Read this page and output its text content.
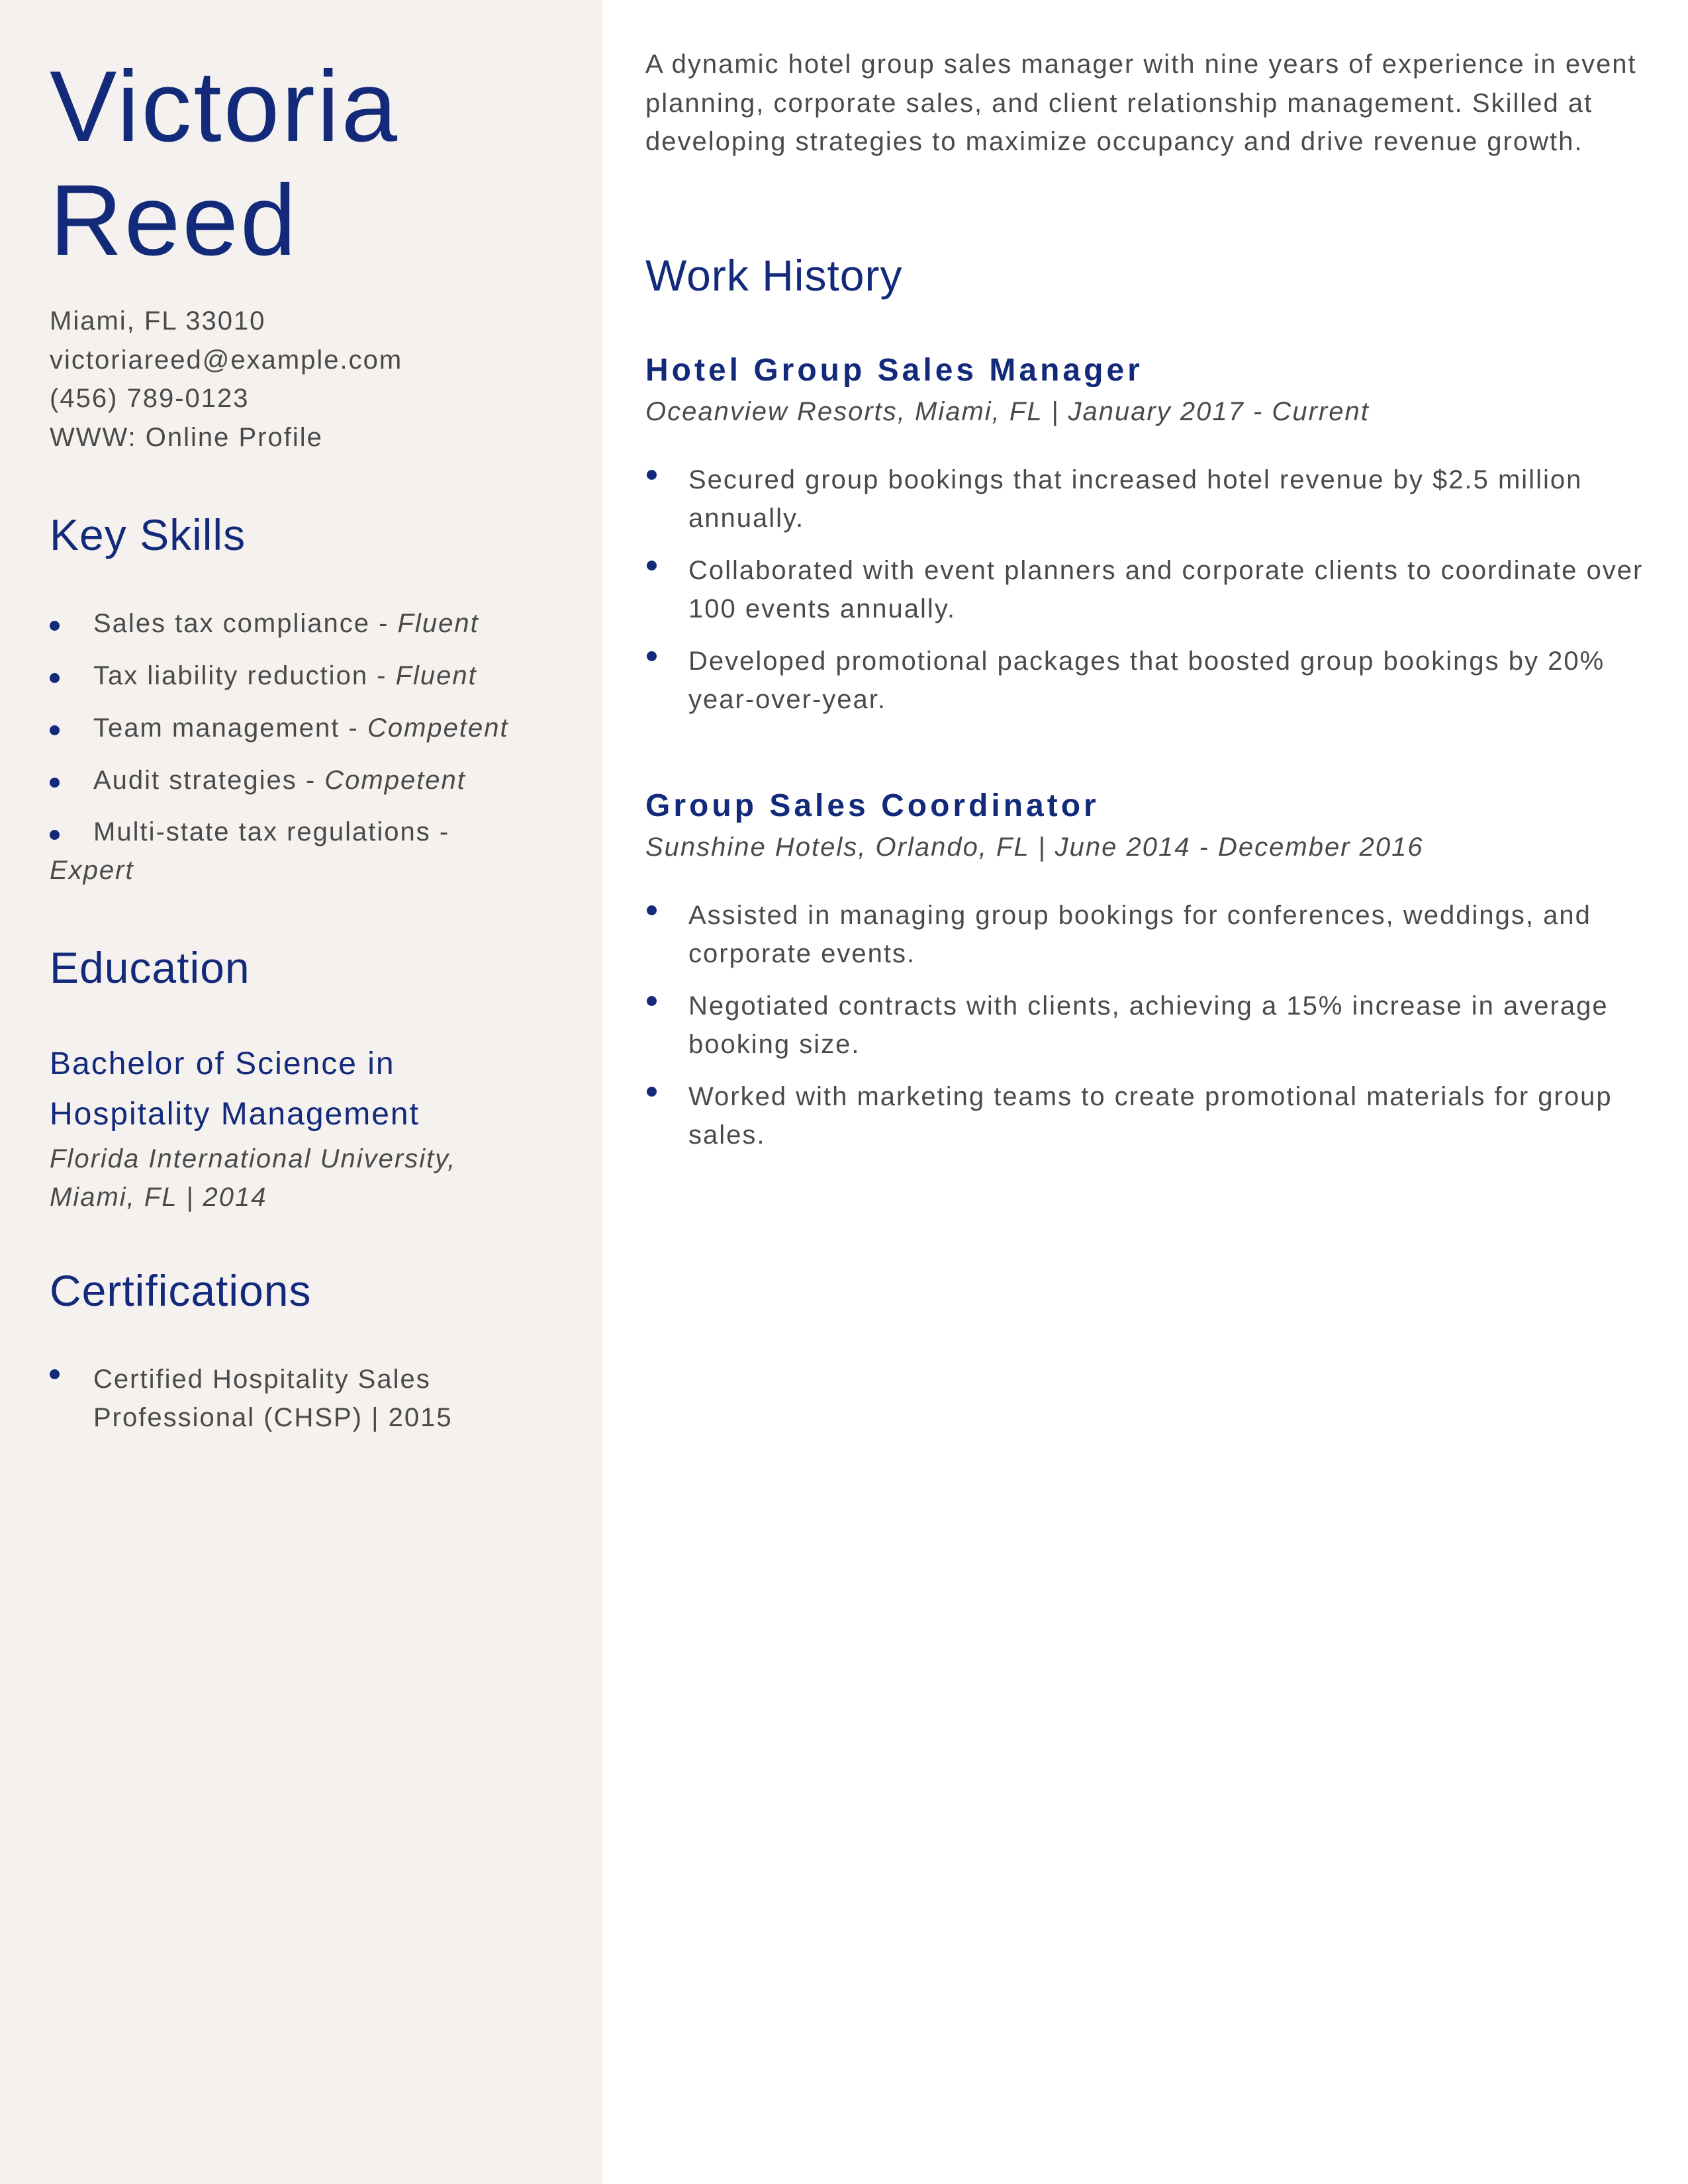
Victoria
Reed
Miami, FL 33010
victoriareed@example.com
(456) 789-0123
WWW: Online Profile
Key Skills
Sales tax compliance - Fluent
Tax liability reduction - Fluent
Team management - Competent
Audit strategies - Competent
Multi-state tax regulations - Expert
Education
Bachelor of Science in
Hospitality Management
Florida International University,
Miami, FL | 2014
Certifications
Certified Hospitality Sales
Professional (CHSP) | 2015

A dynamic hotel group sales manager with nine years of experience in event planning, corporate sales, and client relationship management. Skilled at developing strategies to maximize occupancy and drive revenue growth.

Work History
Hotel Group Sales Manager
Oceanview Resorts, Miami, FL | January 2017 - Current
Secured group bookings that increased hotel revenue by $2.5 million annually.
Collaborated with event planners and corporate clients to coordinate over 100 events annually.
Developed promotional packages that boosted group bookings by 20% year-over-year.
Group Sales Coordinator
Sunshine Hotels, Orlando, FL | June 2014 - December 2016
Assisted in managing group bookings for conferences, weddings, and corporate events.
Negotiated contracts with clients, achieving a 15% increase in average booking size.
Worked with marketing teams to create promotional materials for group sales.
